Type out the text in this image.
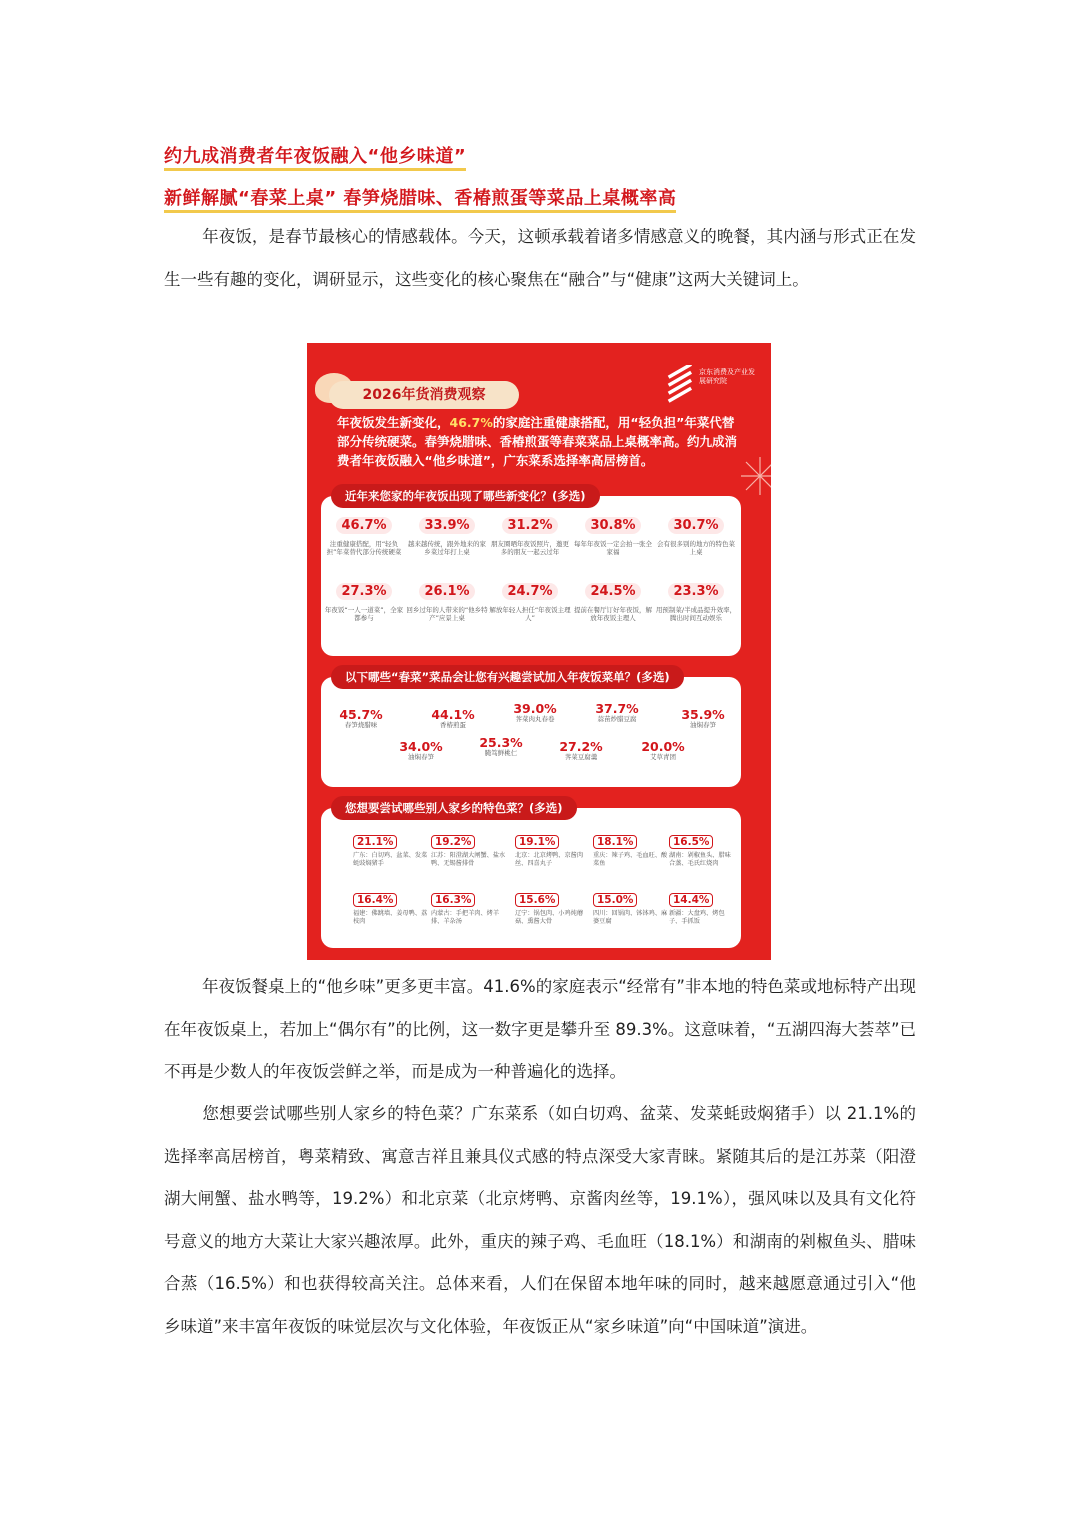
约九成消费者年夜饭融入“他乡味道”
新鲜解腻“春菜上桌” 春笋烧腊味、香椿煎蛋等菜品上桌概率高
年夜饭，是春节最核心的情感载体。今天，这顿承载着诸多情感意义的晚餐，其内涵与形式正在发生一些有趣的变化，调研显示，这些变化的核心聚焦在“融合”与“健康”这两大关键词上。
2026年货消费观察
京东消费及产业发展研究院
年夜饭发生新变化，46.7%的家庭注重健康搭配，用“轻负担”年菜代替部分传统硬菜。春笋烧腊味、香椿煎蛋等春菜菜品上桌概率高。约九成消费者年夜饭融入“他乡味道”，广东菜系选择率高居榜首。
近年来您家的年夜饭出现了哪些新变化？(多选)
46.7%
注重健康搭配，用“轻负担”年菜替代部分传统硬菜
33.9%
越来越传统，跟外地来的家乡菜过年打上桌
31.2%
朋友圈晒年夜饭照片，邀更多的朋友一起云过年
30.8%
每年年夜饭一定会拍一张全家福
30.7%
会有很多别的地方的特色菜上桌
27.3%
年夜饭“一人一道菜”，全家都参与
26.1%
回乡过年的人带来的“他乡特产”应景上桌
24.7%
解放年轻人担任“年夜饭主理人”
24.5%
提前在餐厅订好年夜饭，解放年夜饭主理人
23.3%
用预制菜/半成品提升效率，腾出时间互动娱乐
以下哪些“春菜”菜品会让您有兴趣尝试加入年夜饭菜单？(多选)
45.7%
春笋烧腊味
44.1%
香椿煎蛋
39.0%
荠菜肉丸春卷
37.7%
蒜苗炒腊豆腐	35.9%
油焖春笋
34.0%
油焖春笋
25.3%
腌笃鲜桃仁	27.2%
荠菜豆腐羹
20.0%
艾草青团
您想要尝试哪些别人家乡的特色菜？(多选)
21.1%
广东：白切鸡、盆菜、发菜蚝豉焖猪手
19.2%
江苏：阳澄湖大闸蟹、盐水鸭、无锡酱排骨
19.1%
北京：北京烤鸭、京酱肉丝、四喜丸子
18.1%
重庆：辣子鸡、毛血旺、酸菜鱼
16.5%
湖南：剁椒鱼头、腊味合蒸、毛氏红烧肉
16.4%
福建：佛跳墙、姜母鸭、荔枝肉
16.3%
内蒙古：手把羊肉、烤羊排、羊杂汤
15.6%
辽宁：锅包肉、小鸡炖蘑菇、熏酱大骨
15.0%
四川：回锅肉、钵钵鸡、麻婆豆腐
14.4%
新疆：大盘鸡、烤包子、手抓饭
年夜饭餐桌上的“他乡味”更多更丰富。41.6%的家庭表示“经常有”非本地的特色菜或地标特产出现在年夜饭桌上，若加上“偶尔有”的比例，这一数字更是攀升至 89.3%。这意味着，“五湖四海大荟萃”已不再是少数人的年夜饭尝鲜之举，而是成为一种普遍化的选择。
您想要尝试哪些别人家乡的特色菜？广东菜系（如白切鸡、盆菜、发菜蚝豉焖猪手）以 21.1%的选择率高居榜首，粤菜精致、寓意吉祥且兼具仪式感的特点深受大家青睐。紧随其后的是江苏菜（阳澄湖大闸蟹、盐水鸭等，19.2%）和北京菜（北京烤鸭、京酱肉丝等，19.1%），强风味以及具有文化符号意义的地方大菜让大家兴趣浓厚。此外，重庆的辣子鸡、毛血旺（18.1%）和湖南的剁椒鱼头、腊味合蒸（16.5%）和也获得较高关注。总体来看，人们在保留本地年味的同时，越来越愿意通过引入“他乡味道”来丰富年夜饭的味觉层次与文化体验，年夜饭正从“家乡味道”向“中国味道”演进。
